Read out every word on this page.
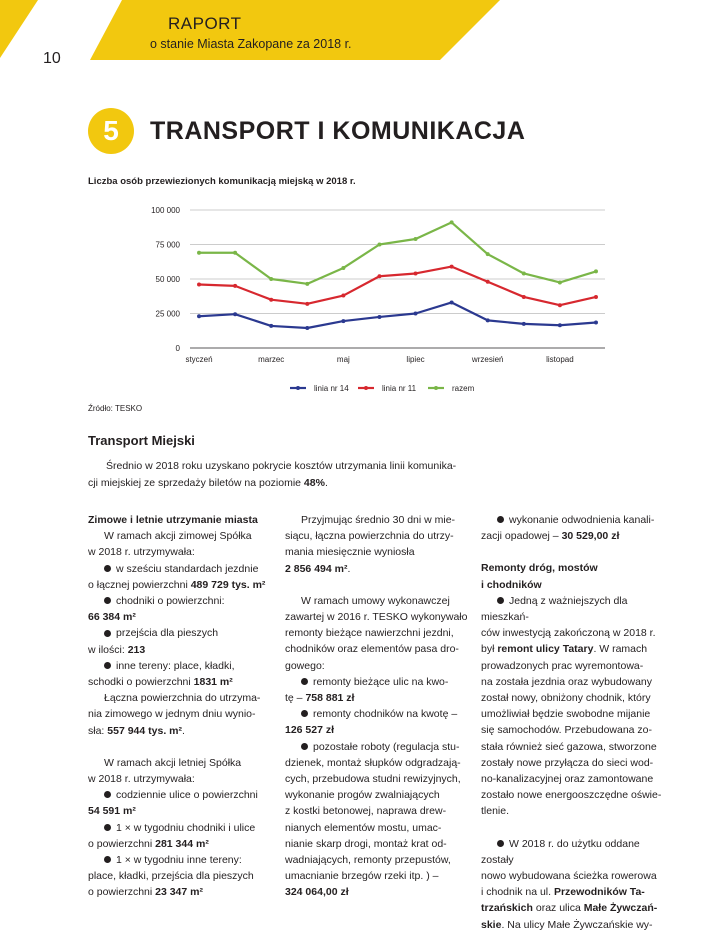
RAPORT
o stanie Miasta Zakopane za 2018 r.
10
5	TRANSPORT I KOMUNIKACJA
Liczba osób przewiezionych komunikacją miejską w 2018 r.
0
25 000
50 000
75 000
100 000
styczeń	marzec	maj	lipiec	wrzesień	listopad
linia nr 14	linia nr 11	razem
Źródło: TESKO
Transport Miejski

Średnio w 2018 roku uzyskano pokrycie kosztów utrzymania linii komunika-

cji miejskiej ze sprzedaży biletów na poziomie 48%.

Zimowe i letnie utrzymanie miasta

W ramach akcji zimowej Spółka

w 2018 r. utrzymywała:

w sześciu standardach jezdnie

o łącznej powierzchni 489 729 tys. m²

chodniki o powierzchni:

66 384 m²

przejścia dla pieszych

w ilości: 213

inne tereny: place, kładki,

schodki o powierzchni 1831 m²

Łączna powierzchnia do utrzyma-

nia zimowego w jednym dniu wynio-

sła: 557 944 tys. m².

W ramach akcji letniej Spółka

w 2018 r. utrzymywała:

codziennie ulice o powierzchni

54 591 m²

1 × w tygodniu chodniki i ulice

o powierzchni 281 344 m²

1 × w tygodniu inne tereny:

place, kładki, przejścia dla pieszych

o powierzchni 23 347 m²

Przyjmując średnio 30 dni w mie-

siącu, łączna powierzchnia do utrzy-

mania miesięcznie wyniosła

2 856 494 m².

W ramach umowy wykonawczej

zawartej w 2016 r. TESKO wykonywało

remonty bieżące nawierzchni jezdni,

chodników oraz elementów pasa dro-

gowego:

remonty bieżące ulic na kwo-

tę – 758 881 zł

remonty chodników na kwotę –

126 527 zł

pozostałe roboty (regulacja stu-

dzienek, montaż słupków odgradzają-

cych, przebudowa studni rewizyjnych,

wykonanie progów zwalniających

z kostki betonowej, naprawa drew-

nianych elementów mostu, umac-

nianie skarp drogi, montaż krat od-

wadniających, remonty przepustów,

umacnianie brzegów rzeki itp. ) –

324 064,00 zł

wykonanie odwodnienia kanali-

zacji opadowej – 30 529,00 zł

Remonty dróg, mostów

i chodników

Jedną z ważniejszych dla mieszkań-

ców inwestycją zakończoną w 2018 r.

był remont ulicy Tatary. W ramach

prowadzonych prac wyremontowa-

na została jezdnia oraz wybudowany

został nowy, obniżony chodnik, który

umożliwiał będzie swobodne mijanie

się samochodów. Przebudowana zo-

stała również sieć gazowa, stworzone

zostały nowe przyłącza do sieci wod-

no-kanalizacyjnej oraz zamontowane

zostało nowe energooszczędne oświe-

tlenie.

W 2018 r. do użytku oddane zostały

nowo wybudowana ścieżka rowerowa

i chodnik na ul. Przewodników Ta-

trzańskich oraz ulica Małe Żywczań-

skie. Na ulicy Małe Żywczańskie wy-
